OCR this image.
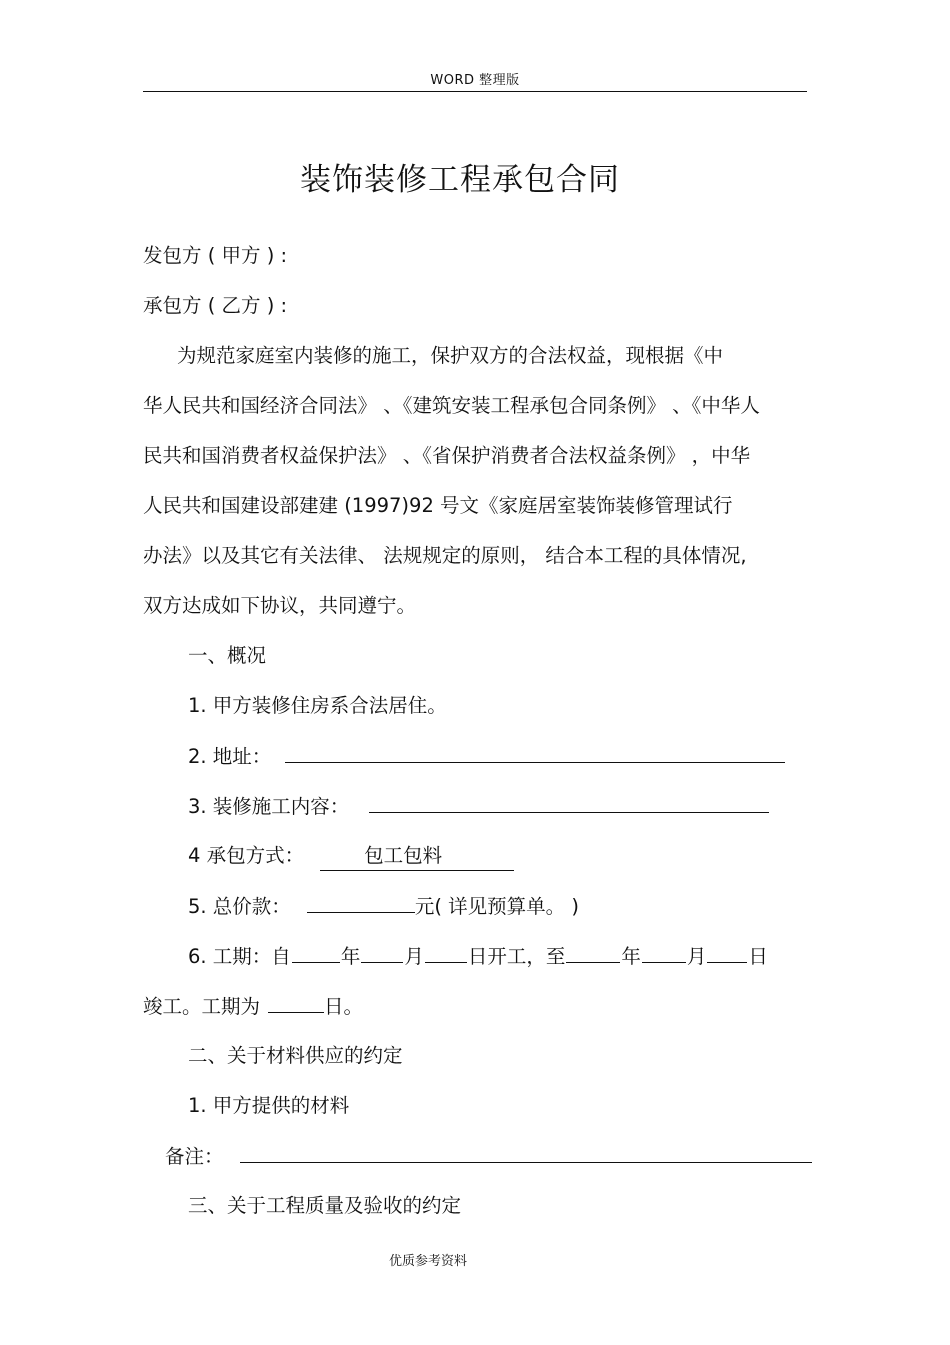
WORD 整理版
装饰装修工程承包合同
发包方 ( 甲方 ) :
承包方 ( 乙方 ) :
为规范家庭室内装修的施工，保护双方的合法权益，现根据《中
华人民共和国经济合同法》 、《建筑安装工程承包合同条例》 、《中华人
民共和国消费者权益保护法》 、《省保护消费者合法权益条例》 ，中华
人民共和国建设部建建 (1997)92 号文《家庭居室装饰装修管理试行
办法》以及其它有关法律、 法规规定的原则， 结合本工程的具体情况,
双方达成如下协议，共同遵宁。
一、概况
1. 甲方装修住房系合法居住。
2. 地址：
3. 装修施工内容：
4 承包方式：	包工包料
5. 总价款：	元( 详见预算单。 )
6. 工期：自	年 月 日开工，至	年 月 日
竣工。工期为	日。
二、关于材料供应的约定
1. 甲方提供的材料
备注：
三、关于工程质量及验收的约定
优质参考资料
